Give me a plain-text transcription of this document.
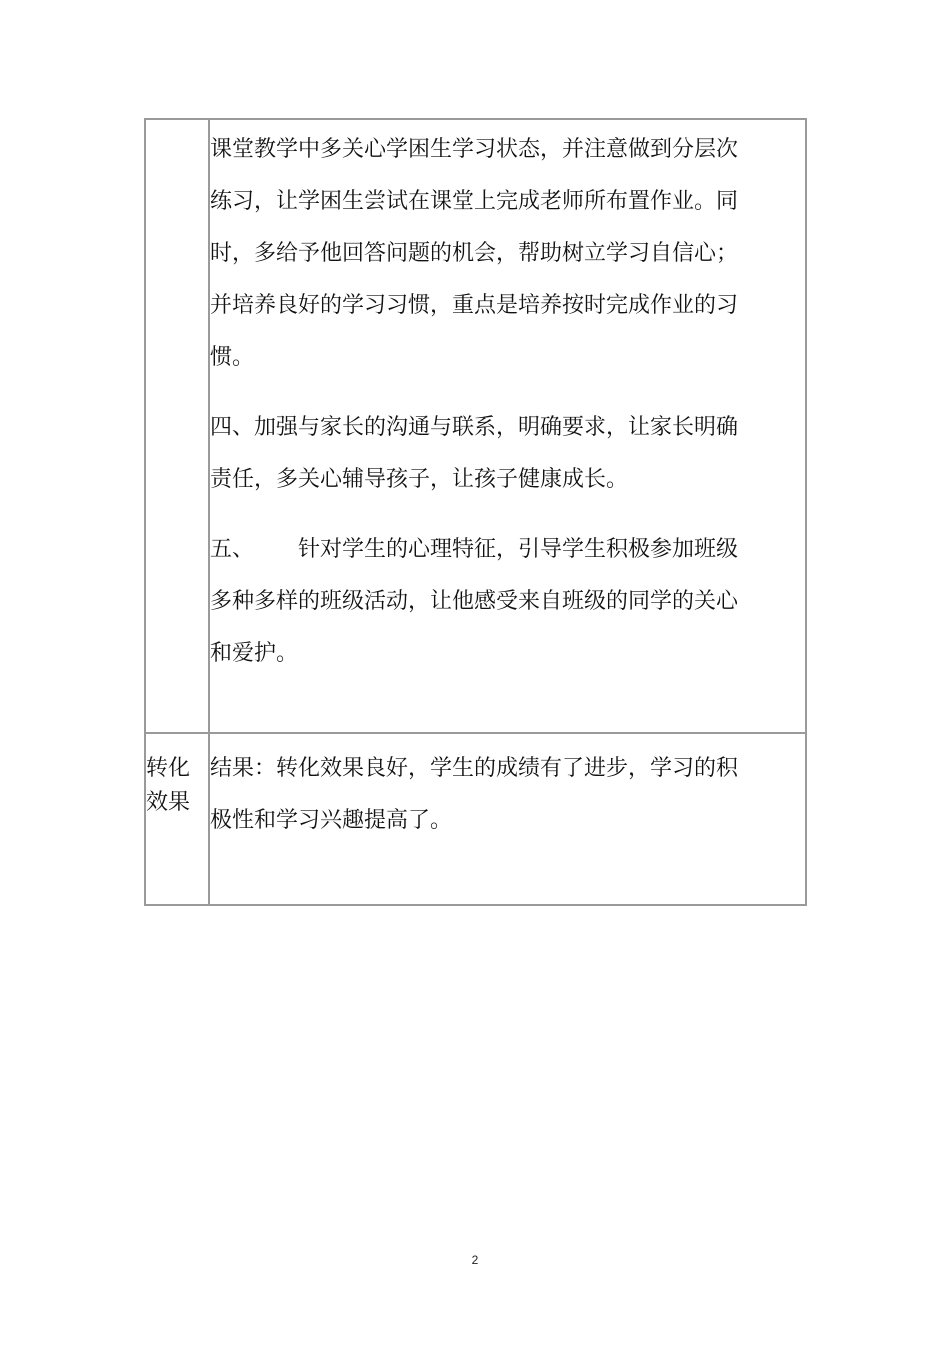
	课堂教学中多关心学困生学习状态，并注意做到分层次练习，让学困生尝试在课堂上完成老师所布置作业。同时，多给予他回答问题的机会，帮助树立学习自信心；并培养良好的学习习惯，重点是培养按时完成作业的习惯。

四、加强与家长的沟通与联系，明确要求，让家长明确责任，多关心辅导孩子，让孩子健康成长。

五、 针对学生的心理特征，引导学生积极参加班级多种多样的班级活动，让他感受来自班级的同学的关心和爱护。

转化效果	结果：转化效果良好，学生的成绩有了进步，学习的积极性和学习兴趣提高了。

2
